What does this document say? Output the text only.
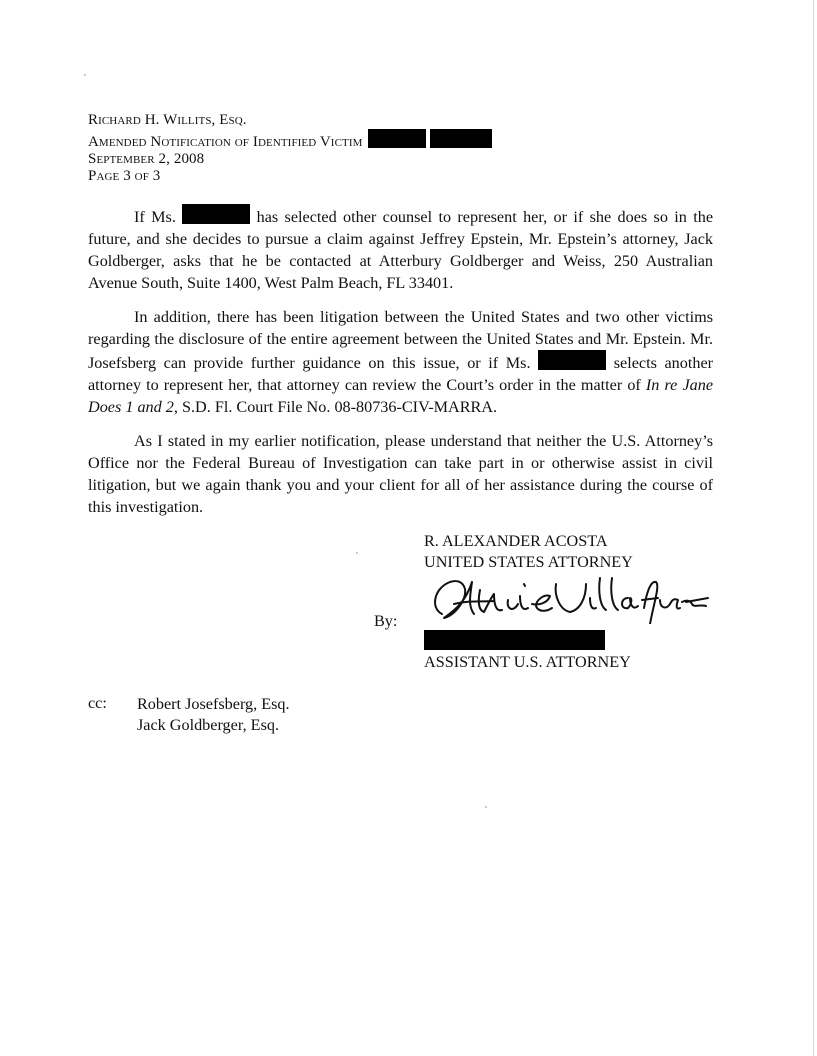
Richard H. Willits, Esq.
Amended Notification of Identified Victim
September 2, 2008
Page 3 of 3

If Ms.	has selected other counsel to represent her, or if she does so in the future, and she decides to pursue a claim against Jeffrey Epstein, Mr. Epstein’s attorney, Jack Goldberger, asks that he be contacted at Atterbury Goldberger and Weiss, 250 Australian Avenue South, Suite 1400, West Palm Beach, FL 33401.

In addition, there has been litigation between the United States and two other victims regarding the disclosure of the entire agreement between the United States and Mr. Epstein. Mr. Josefsberg can provide further guidance on this issue, or if Ms.	selects another attorney to represent her, that attorney can review the Court’s order in the matter of In re Jane Does 1 and 2, S.D. Fl. Court File No. 08-80736-CIV-MARRA.

As I stated in my earlier notification, please understand that neither the U.S. Attorney’s Office nor the Federal Bureau of Investigation can take part in or otherwise assist in civil litigation, but we again thank you and your client for all of her assistance during the course of this investigation.

R. ALEXANDER ACOSTA
UNITED STATES ATTORNEY
By:
ASSISTANT U.S. ATTORNEY
cc: Robert Josefsberg, Esq.
Jack Goldberger, Esq.
